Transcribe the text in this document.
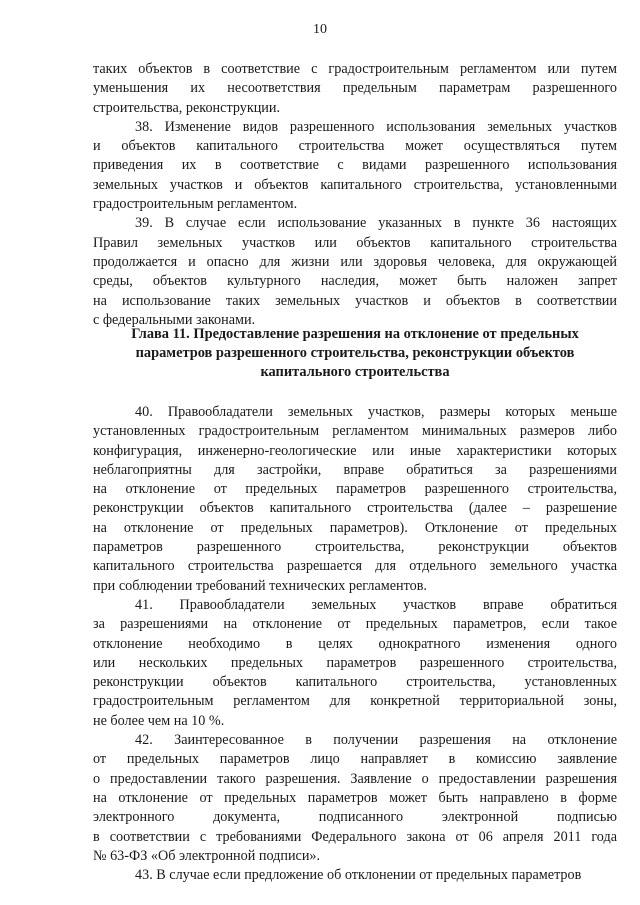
10
таких объектов в соответствие с градостроительным регламентом или путем
уменьшения их несоответствия предельным параметрам разрешенного
строительства, реконструкции.
38. Изменение видов разрешенного использования земельных участков
и объектов капитального строительства может осуществляться путем
приведения их в соответствие с видами разрешенного использования
земельных участков и объектов капитального строительства, установленными
градостроительным регламентом.
39. В случае если использование указанных в пункте 36 настоящих
Правил земельных участков или объектов капитального строительства
продолжается и опасно для жизни или здоровья человека, для окружающей
среды, объектов культурного наследия, может быть наложен запрет
на использование таких земельных участков и объектов в соответствии
с федеральными законами.
Глава 11. Предоставление разрешения на отклонение от предельных
параметров разрешенного строительства, реконструкции объектов
капитального строительства
40. Правообладатели земельных участков, размеры которых меньше
установленных градостроительным регламентом минимальных размеров либо
конфигурация, инженерно-геологические или иные характеристики которых
неблагоприятны для застройки, вправе обратиться за разрешениями
на отклонение от предельных параметров разрешенного строительства,
реконструкции объектов капитального строительства (далее – разрешение
на отклонение от предельных параметров). Отклонение от предельных
параметров разрешенного строительства, реконструкции объектов
капитального строительства разрешается для отдельного земельного участка
при соблюдении требований технических регламентов.
41. Правообладатели земельных участков вправе обратиться
за разрешениями на отклонение от предельных параметров, если такое
отклонение необходимо в целях однократного изменения одного
или нескольких предельных параметров разрешенного строительства,
реконструкции объектов капитального строительства, установленных
градостроительным регламентом для конкретной территориальной зоны,
не более чем на 10 %.
42. Заинтересованное в получении разрешения на отклонение
от предельных параметров лицо направляет в комиссию заявление
о предоставлении такого разрешения. Заявление о предоставлении разрешения
на отклонение от предельных параметров может быть направлено в форме
электронного документа, подписанного электронной подписью
в соответствии с требованиями Федерального закона от 06 апреля 2011 года
№ 63-ФЗ «Об электронной подписи».
43. В случае если предложение об отклонении от предельных параметров
